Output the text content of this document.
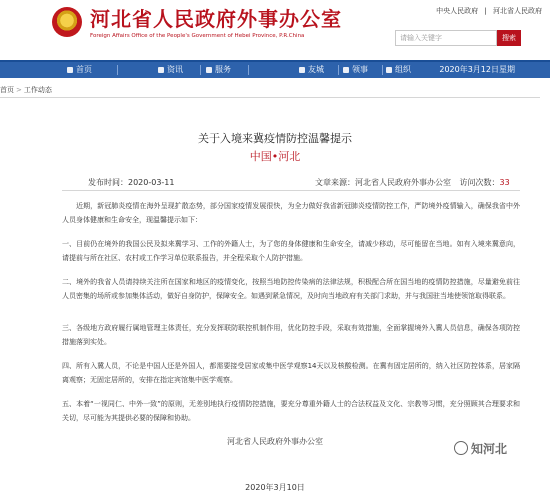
河北省人民政府外事办公室
Foreign Affairs Office of the People's Government of Hebei Province, P.R.China
中央人民政府 | 河北省人民政府
请输入关键字	搜索
首页	资讯	服务	友城	领事	组织	2020年3月12日星期
首页 > 工作动态
关于入境来冀疫情防控温馨提示
中国•河北
发布时间：2020-03-11	文章来源：河北省人民政府外事办公室 访问次数：33
近期，新冠肺炎疫情在海外呈现扩散态势，部分国家疫情发展很快，为全力做好我省新冠肺炎疫情防控工作，严防境外疫情输入，确保我省中外人员身体健康和生命安全，现温馨提示如下：
一、目前仍在境外的我国公民及拟来冀学习、工作的外籍人士，为了您的身体健康和生命安全，请减少移动，尽可能留在当地。如有入境来冀意向，请提前与所在社区、农村或工作学习单位联系报告，并全程采取个人防护措施。
二、境外的我省人员请持续关注所在国家和地区的疫情变化，按照当地防控传染病的法律法规，积极配合所在国当地的疫情防控措施，尽量避免前往人员密集的场所或参加集体活动，做好自身防护，保障安全。如遇到紧急情况，及时向当地政府有关部门求助，并与我国驻当地使领馆取得联系。
三、各级地方政府履行属地管理主体责任，充分发挥联防联控机制作用，优化防控手段，采取有效措施，全面掌握境外入冀人员信息，确保各项防控措施落到实处。
四、所有入冀人员，不论是中国人还是外国人，都需要接受居家或集中医学观察14天以及核酸检测。在冀有固定居所的，纳入社区防控体系，居家隔离观察；无固定居所的，安排在指定宾馆集中医学观察。
五、本着“一视同仁、中外一致”的原则，无差别地执行疫情防控措施，要充分尊重外籍人士的合法权益及文化、宗教等习惯，充分照顾其合理要求和关切，尽可能为其提供必要的保障和协助。
河北省人民政府外事办公室
2020年3月10日
知河北
